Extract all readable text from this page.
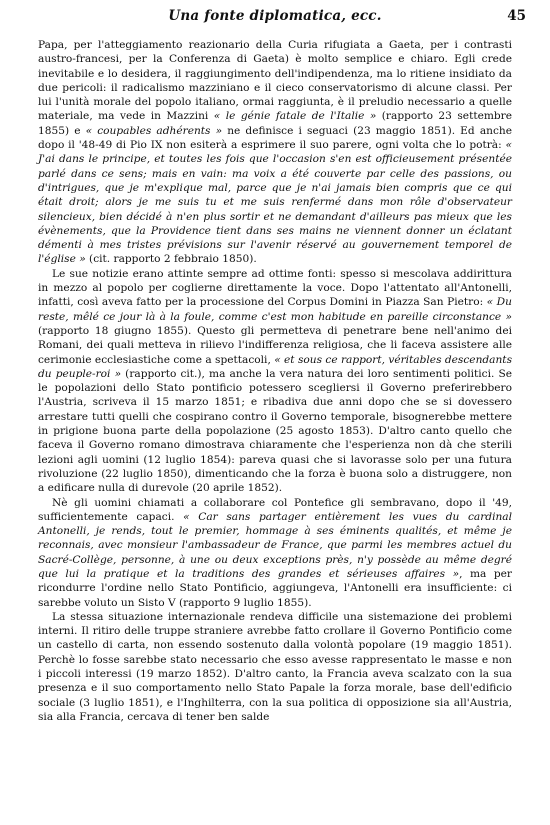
Una fonte diplomatica, ecc.	45

Papa, per l'atteggiamento reazionario della Curia rifugiata a Gaeta, per i contrasti austro-francesi, per la Conferenza di Gaeta) è molto semplice e chiaro. Egli crede inevitabile e lo desidera, il raggiungimento dell'indipendenza, ma lo ritiene insidiato da due pericoli: il radicalismo mazziniano e il cieco conservatorismo di alcune classi. Per lui l'unità morale del popolo italiano, ormai raggiunta, è il preludio necessario a quelle materiale, ma vede in Mazzini « le génie fatale de l'Italie » (rapporto 23 settembre 1855) e « coupables adhérents » ne definisce i seguaci (23 maggio 1851). Ed anche dopo il '48-49 di Pio IX non esiterà a esprimere il suo parere, ogni volta che lo potrà: « J'ai dans le principe, et toutes les fois que l'occasion s'en est officieusement présentée parlé dans ce sens; mais en vain: ma voix a été couverte par celle des passions, ou d'intrigues, que je m'explique mal, parce que je n'ai jamais bien compris que ce qui était droit; alors je me suis tu et me suis renfermé dans mon rôle d'observateur silencieux, bien décidé à n'en plus sortir et ne demandant d'ailleurs pas mieux que les évènements, que la Providence tient dans ses mains ne viennent donner un éclatant démenti à mes tristes prévisions sur l'avenir réservé au gouvernement temporel de l'église » (cit. rapporto 2 febbraio 1850).

Le sue notizie erano attinte sempre ad ottime fonti: spesso si mescolava addirittura in mezzo al popolo per coglierne direttamente la voce. Dopo l'attentato all'Antonelli, infatti, così aveva fatto per la processione del Corpus Domini in Piazza San Pietro: « Du reste, mêlé ce jour là à la foule, comme c'est mon habitude en pareille circonstance » (rapporto 18 giugno 1855). Questo gli permetteva di penetrare bene nell'animo dei Romani, dei quali metteva in rilievo l'indifferenza religiosa, che li faceva assistere alle cerimonie ecclesiastiche come a spettacoli, « et sous ce rapport, véritables descendants du peuple-roi » (rapporto cit.), ma anche la vera natura dei loro sentimenti politici. Se le popolazioni dello Stato pontificio potessero scegliersi il Governo preferirebbero l'Austria, scriveva il 15 marzo 1851; e ribadiva due anni dopo che se si dovessero arrestare tutti quelli che cospirano contro il Governo temporale, bisognerebbe mettere in prigione buona parte della popolazione (25 agosto 1853). D'altro canto quello che faceva il Governo romano dimostrava chiaramente che l'esperienza non dà che sterili lezioni agli uomini (12 luglio 1854): pareva quasi che si lavorasse solo per una futura rivoluzione (22 luglio 1850), dimenticando che la forza è buona solo a distruggere, non a edificare nulla di durevole (20 aprile 1852).

Nè gli uomini chiamati a collaborare col Pontefice gli sembravano, dopo il '49, sufficientemente capaci. « Car sans partager entièrement les vues du cardinal Antonelli, je rends, tout le premier, hommage à ses éminents qualités, et même je reconnais, avec monsieur l'ambassadeur de France, que parmi les membres actuel du Sacré-Collège, personne, à une ou deux exceptions près, n'y possède au même degré que lui la pratique et la traditions des grandes et sérieuses affaires », ma per ricondurre l'ordine nello Stato Pontificio, aggiungeva, l'Antonelli era insufficiente: ci sarebbe voluto un Sisto V (rapporto 9 luglio 1855).

La stessa situazione internazionale rendeva difficile una sistemazione dei problemi interni. Il ritiro delle truppe straniere avrebbe fatto crollare il Governo Pontificio come un castello di carta, non essendo sostenuto dalla volontà popolare (19 maggio 1851). Perchè lo fosse sarebbe stato necessario che esso avesse rappresentato le masse e non i piccoli interessi (19 marzo 1852). D'altro canto, la Francia aveva scalzato con la sua presenza e il suo comportamento nello Stato Papale la forza morale, base dell'edificio sociale (3 luglio 1851), e l'Inghilterra, con la sua politica di opposizione sia all'Austria, sia alla Francia, cercava di tener ben salde
